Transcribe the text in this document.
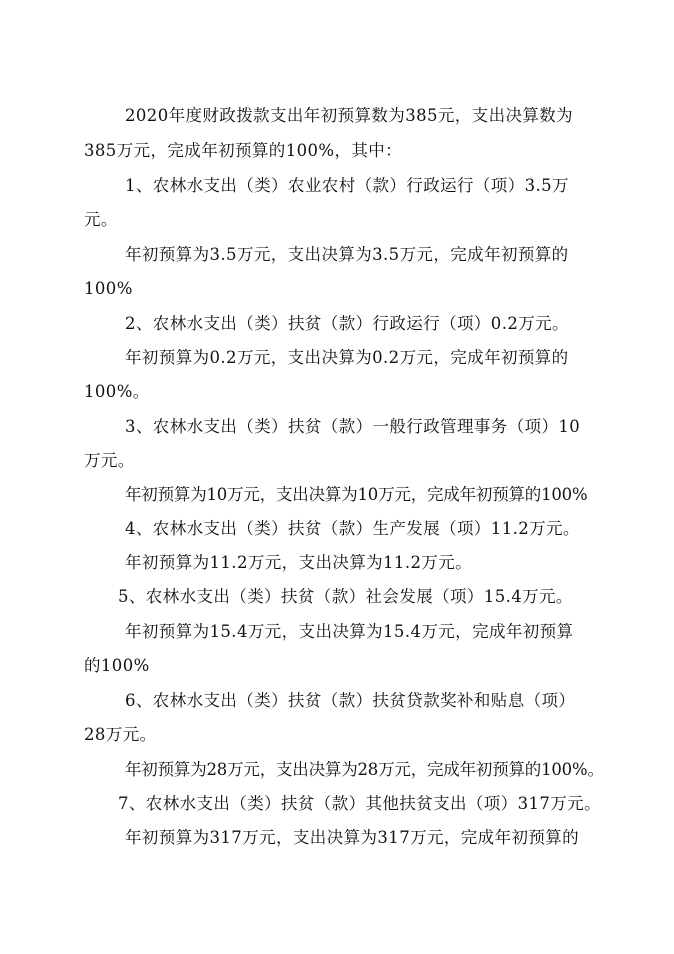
2020年度财政拨款支出年初预算数为385元，支出决算数为
385万元，完成年初预算的100%，其中：
1、农林水支出（类）农业农村（款）行政运行（项）3.5万
元。
年初预算为3.5万元，支出决算为3.5万元，完成年初预算的
100%
2、农林水支出（类）扶贫（款）行政运行（项）0.2万元。
年初预算为0.2万元，支出决算为0.2万元，完成年初预算的
100%。
3、农林水支出（类）扶贫（款）一般行政管理事务（项）10
万元。
年初预算为10万元，支出决算为10万元，完成年初预算的100%
4、农林水支出（类）扶贫（款）生产发展（项）11.2万元。
年初预算为11.2万元，支出决算为11.2万元。
5、农林水支出（类）扶贫（款）社会发展（项）15.4万元。
年初预算为15.4万元，支出决算为15.4万元，完成年初预算
的100%
6、农林水支出（类）扶贫（款）扶贫贷款奖补和贴息（项）
28万元。
年初预算为28万元，支出决算为28万元，完成年初预算的100%。
7、农林水支出（类）扶贫（款）其他扶贫支出（项）317万元。
年初预算为317万元，支出决算为317万元，完成年初预算的
